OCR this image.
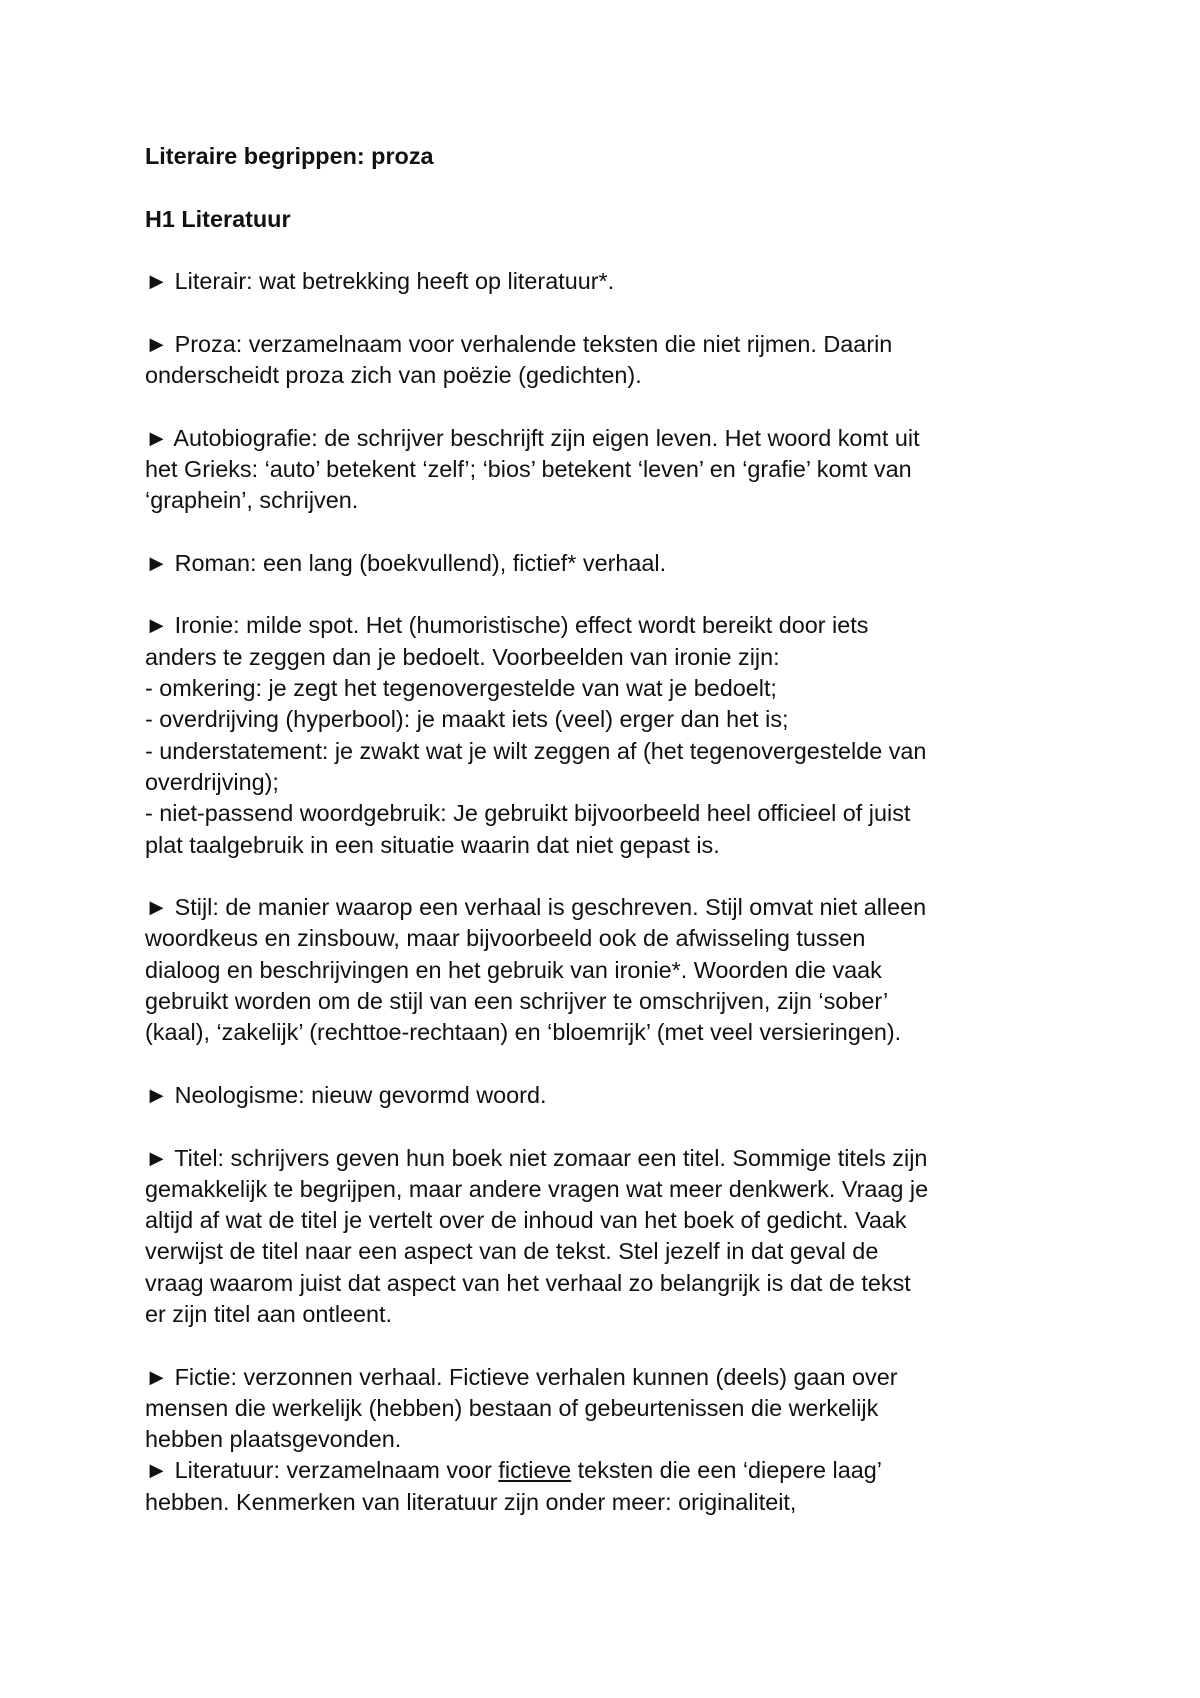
Literaire begrippen: proza
H1 Literatuur
► Literair: wat betrekking heeft op literatuur*.
► Proza: verzamelnaam voor verhalende teksten die niet rijmen. Daarin
onderscheidt proza zich van poëzie (gedichten).
► Autobiografie: de schrijver beschrijft zijn eigen leven. Het woord komt uit
het Grieks: ‘auto’ betekent ‘zelf’; ‘bios’ betekent ‘leven’ en ‘grafie’ komt van
‘graphein’, schrijven.
► Roman: een lang (boekvullend), fictief* verhaal.
► Ironie: milde spot. Het (humoristische) effect wordt bereikt door iets
anders te zeggen dan je bedoelt. Voorbeelden van ironie zijn:
- omkering: je zegt het tegenovergestelde van wat je bedoelt;
- overdrijving (hyperbool): je maakt iets (veel) erger dan het is;
- understatement: je zwakt wat je wilt zeggen af (het tegenovergestelde van
overdrijving);
- niet-passend woordgebruik: Je gebruikt bijvoorbeeld heel officieel of juist
plat taalgebruik in een situatie waarin dat niet gepast is.
► Stijl: de manier waarop een verhaal is geschreven. Stijl omvat niet alleen
woordkeus en zinsbouw, maar bijvoorbeeld ook de afwisseling tussen
dialoog en beschrijvingen en het gebruik van ironie*. Woorden die vaak
gebruikt worden om de stijl van een schrijver te omschrijven, zijn ‘sober’
(kaal), ‘zakelijk’ (rechttoe-rechtaan) en ‘bloemrijk’ (met veel versieringen).
► Neologisme: nieuw gevormd woord.
► Titel: schrijvers geven hun boek niet zomaar een titel. Sommige titels zijn
gemakkelijk te begrijpen, maar andere vragen wat meer denkwerk. Vraag je
altijd af wat de titel je vertelt over de inhoud van het boek of gedicht. Vaak
verwijst de titel naar een aspect van de tekst. Stel jezelf in dat geval de
vraag waarom juist dat aspect van het verhaal zo belangrijk is dat de tekst
er zijn titel aan ontleent.
► Fictie: verzonnen verhaal. Fictieve verhalen kunnen (deels) gaan over
mensen die werkelijk (hebben) bestaan of gebeurtenissen die werkelijk
hebben plaatsgevonden.
► Literatuur: verzamelnaam voor fictieve teksten die een ‘diepere laag’
hebben. Kenmerken van literatuur zijn onder meer: originaliteit,
